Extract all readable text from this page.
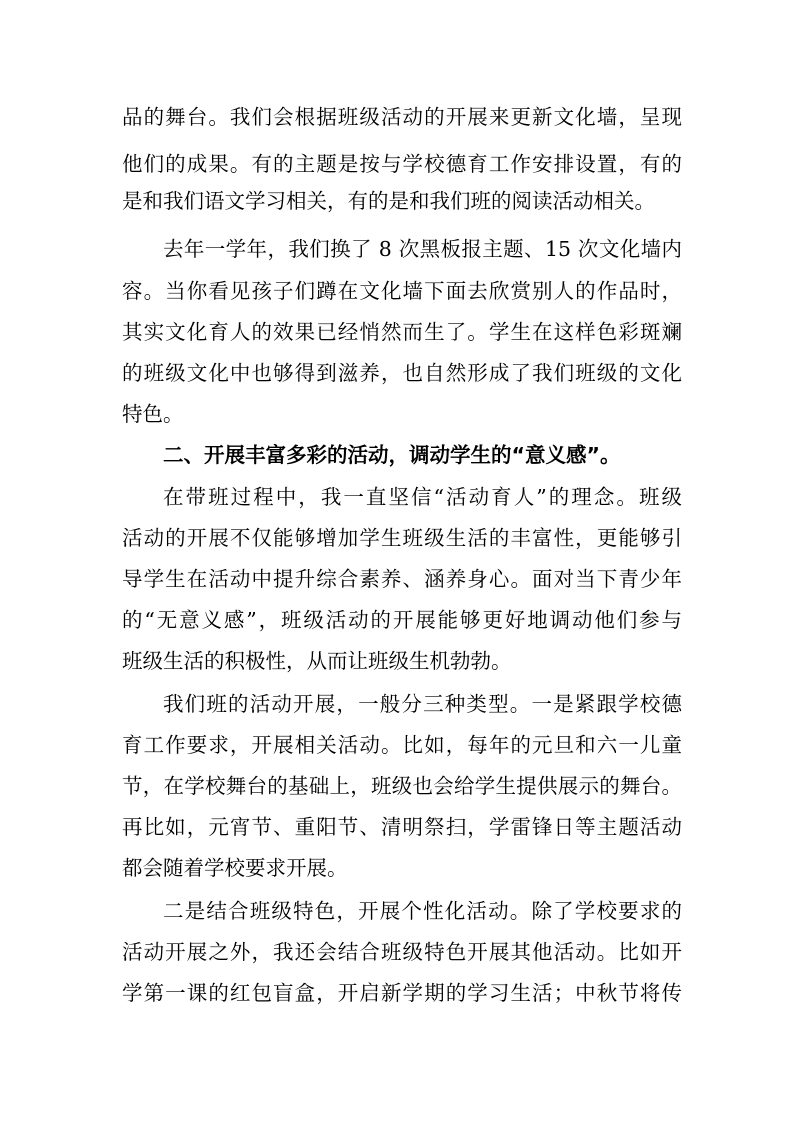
品的舞台。我们会根据班级活动的开展来更新文化墙，呈现
他们的成果。有的主题是按与学校德育工作安排设置，有的
是和我们语文学习相关，有的是和我们班的阅读活动相关。
去年一学年，我们换了 8 次黑板报主题、15 次文化墙内
容。当你看见孩子们蹲在文化墙下面去欣赏别人的作品时，
其实文化育人的效果已经悄然而生了。学生在这样色彩斑斓
的班级文化中也够得到滋养，也自然形成了我们班级的文化
特色。
二、开展丰富多彩的活动，调动学生的“意义感”。
在带班过程中，我一直坚信“活动育人”的理念。班级
活动的开展不仅能够增加学生班级生活的丰富性，更能够引
导学生在活动中提升综合素养、涵养身心。面对当下青少年
的“无意义感”，班级活动的开展能够更好地调动他们参与
班级生活的积极性，从而让班级生机勃勃。
我们班的活动开展，一般分三种类型。一是紧跟学校德
育工作要求，开展相关活动。比如，每年的元旦和六一儿童
节，在学校舞台的基础上，班级也会给学生提供展示的舞台。
再比如，元宵节、重阳节、清明祭扫，学雷锋日等主题活动
都会随着学校要求开展。
二是结合班级特色，开展个性化活动。除了学校要求的
活动开展之外，我还会结合班级特色开展其他活动。比如开
学第一课的红包盲盒，开启新学期的学习生活；中秋节将传
